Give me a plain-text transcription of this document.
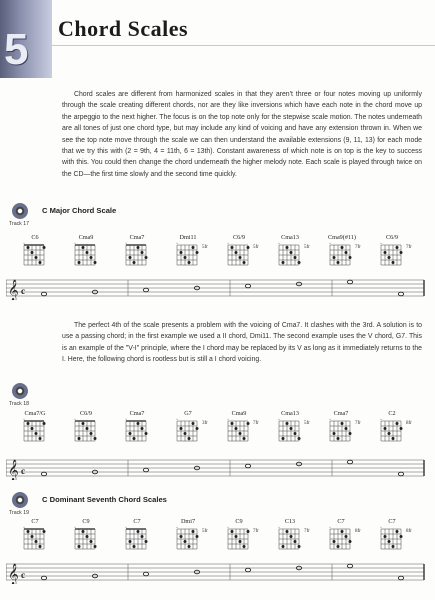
5 Chord Scales

Chord scales are different from harmonized scales in that they aren't three or four notes moving up uniformly through the scale creating different chords, nor are they like inversions which have each note in the chord move up the arpeggio to the next higher. The focus is on the top note only for the stepwise scale motion. The notes underneath are all tones of just one chord type, but may include any kind of voicing and have any extension thrown in. When we see the top note move through the scale we can then understand the available extensions (9, 11, 13) for each mode that we try this with (2 = 9th, 4 = 11th, 6 = 13th). Constant awareness of which note is on top is the key to success with this. You could then change the chord underneath the higher melody note. Each scale is played through twice on the CD—the first time slowly and the second time quickly.

C Major Chord Scale
Track 17
C6
×
Cma9
×
Cma7
×
Dmi11
×
5fr
C6/9
×
5fr
Cma13
×
5fr
Cma9(#11)
×
7fr
C6/9
×
7fr
𝄞 c

The perfect 4th of the scale presents a problem with the voicing of Cma7. It clashes with the 3rd. A solution is to use a passing chord; in the first example we used a II chord, Dmi11. The second example uses the V chord, G7. This is an example of the "V-I" principle, where the I chord may be replaced by its V as long as it immediately returns to the I. Here, the following chord is rootless but is still a I chord voicing.

Track 18
Cma7/G
×
C6/9
×
Cma7
×
G7
×
3fr
Cma9
×
7fr
Cma13
×
5fr
Cma7
×
7fr
C2
×
8fr
𝄞 c
C Dominant Seventh Chord Scales
Track 19
C7
×
C9
×
C7
×
Dmi7
×
5fr
C9
×
7fr
C13
×
7fr
C7
×
8fr
C7
×
8fr
𝄞 c
